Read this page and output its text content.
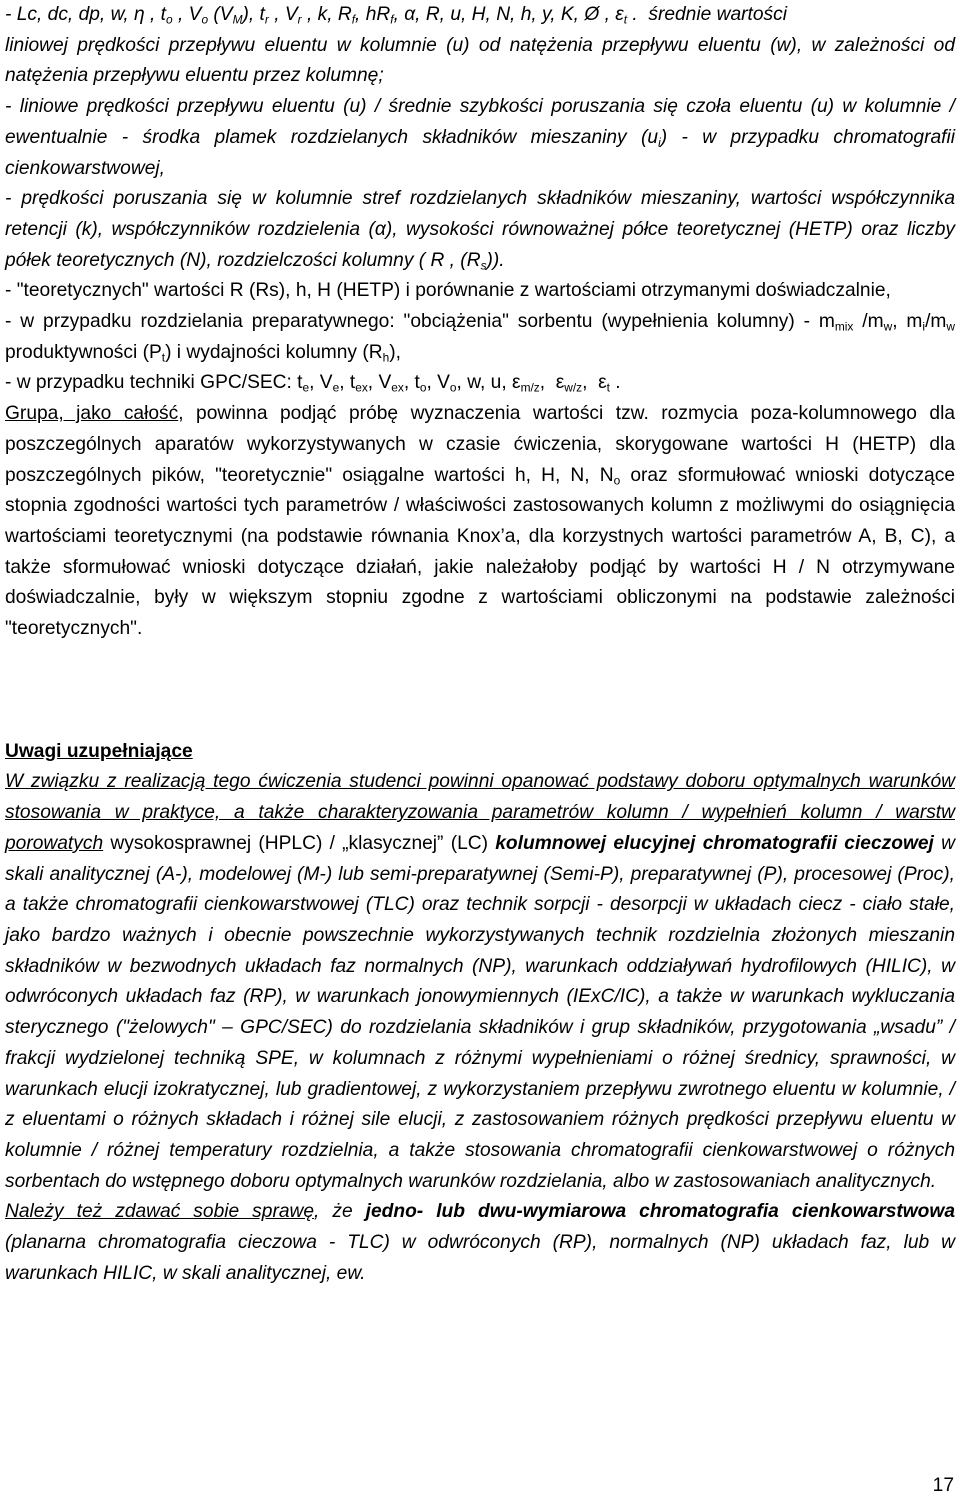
- Lc, dc, dp, w, η , $t_o$ , $V_o$ $(V_M)$, $t_r$ , $V_r$ , k, $R_f$, $hR_f$, α, R, u, H, N, h, y, K, Ø , $\varepsilon_t$ .  średnie wartości

liniowej prędkości przepływu eluentu w kolumnie (u) od natężenia przepływu eluentu (w), w zależności od natężenia przepływu eluentu przez kolumnę;

- liniowe prędkości przepływu eluentu (u) / średnie szybkości poruszania się czoła eluentu (u) w kolumnie / ewentualnie - środka plamek rozdzielanych składników mieszaniny $(u_i)$ - w przypadku chromatografii cienkowarstwowej,

- prędkości poruszania się w kolumnie stref rozdzielanych składników mieszaniny, wartości współczynnika retencji (k), współczynników rozdzielenia (α), wysokości równoważnej półce teoretycznej (HETP) oraz liczby półek teoretycznych (N), rozdzielczości kolumny ( R , $(R_s)$).

- "teoretycznych" wartości R (Rs), h, H (HETP) i porównanie z wartościami otrzymanymi doświadczalnie,

- w przypadku rozdzielania preparatywnego: "obciążenia" sorbentu (wypełnienia kolumny) - $m_{mix}$ $/m_w$, $m_i/m_w$ produktywności $(P_t)$ i wydajności kolumny $(R_h)$,

- w przypadku techniki GPC/SEC: $t_e$, $V_e$, $t_{ex}$, $V_{ex}$, $t_o$, $V_o$, w, u, $\varepsilon_{m/z}$,  $\varepsilon_{w/z}$,  $\varepsilon_t$ .

Grupa, jako całość, powinna podjąć próbę wyznaczenia wartości tzw. rozmycia poza-kolumnowego dla poszczególnych aparatów wykorzystywanych w czasie ćwiczenia, skorygowane wartości H (HETP) dla poszczególnych pików, "teoretycznie" osiągalne wartości h, H, N, $N_o$ oraz sformułować wnioski dotyczące stopnia zgodności wartości tych parametrów / właściwości zastosowanych kolumn z możliwymi do osiągnięcia wartościami teoretycznymi (na podstawie równania Knox’a, dla korzystnych wartości parametrów A, B, C), a także sformułować wnioski dotyczące działań, jakie należałoby podjąć by wartości H / N otrzymywane doświadczalnie, były w większym stopniu zgodne z wartościami obliczonymi na podstawie zależności "teoretycznych".

Uwagi uzupełniające

W związku z realizacją tego ćwiczenia studenci powinni opanować podstawy doboru optymalnych warunków stosowania w praktyce, a także charakteryzowania parametrów kolumn / wypełnień kolumn / warstw porowatych wysokosprawnej (HPLC) / „klasycznej” (LC) kolumnowej elucyjnej chromatografii cieczowej w skali analitycznej (A-), modelowej (M-) lub semi-preparatywnej (Semi-P), preparatywnej (P), procesowej (Proc), a także chromatografii cienkowarstwowej (TLC) oraz technik sorpcji - desorpcji w układach ciecz - ciało stałe, jako bardzo ważnych i obecnie powszechnie wykorzystywanych technik rozdzielnia złożonych mieszanin składników w bezwodnych układach faz normalnych (NP), warunkach oddziaływań hydrofilowych (HILIC), w odwróconych układach faz (RP), w warunkach jonowymiennych (IExC/IC), a także w warunkach wykluczania sterycznego ("żelowych" – GPC/SEC) do rozdzielania składników i grup składników, przygotowania „wsadu” / frakcji wydzielonej techniką SPE, w kolumnach z różnymi wypełnieniami o różnej średnicy, sprawności, w warunkach elucji izokratycznej, lub gradientowej, z wykorzystaniem przepływu zwrotnego eluentu w kolumnie, / z eluentami o różnych składach i różnej sile elucji, z zastosowaniem różnych prędkości przepływu eluentu w kolumnie / różnej temperatury rozdzielnia, a także stosowania chromatografii cienkowarstwowej o różnych sorbentach do wstępnego doboru optymalnych warunków rozdzielania, albo w zastosowaniach analitycznych.

Należy też zdawać sobie sprawę, że jedno- lub dwu-wymiarowa chromatografia cienkowarstwowa (planarna chromatografia cieczowa - TLC) w odwróconych (RP), normalnych (NP) układach faz, lub w warunkach HILIC, w skali analitycznej, ew.

17
